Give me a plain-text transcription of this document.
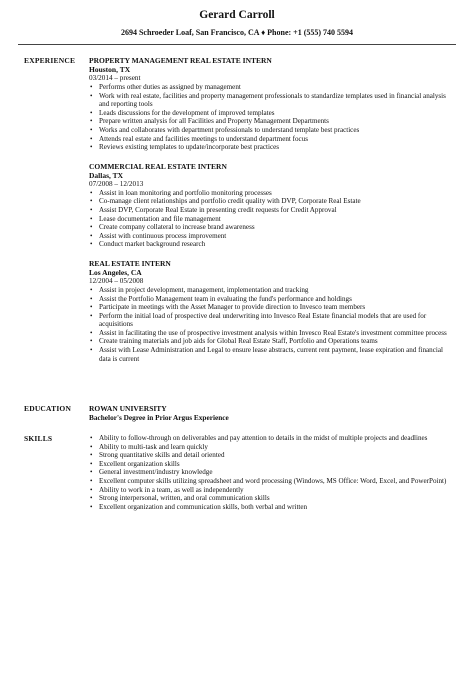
Gerard Carroll
2694 Schroeder Loaf, San Francisco, CA ♦ Phone: +1 (555) 740 5594
EXPERIENCE PROPERTY MANAGEMENT REAL ESTATE INTERN
Houston, TX
03/2014 – present
• Performs other duties as assigned by management
• Work with real estate, facilities and property management professionals to standardize templates used in financial analysis and reporting tools
• Leads discussions for the development of improved templates
• Prepare written analysis for all Facilities and Property Management Departments
• Works and collaborates with department professionals to understand template best practices
• Attends real estate and facilities meetings to understand department focus
• Reviews existing templates to update/incorporate best practices
COMMERCIAL REAL ESTATE INTERN
Dallas, TX
07/2008 – 12/2013
• Assist in loan monitoring and portfolio monitoring processes
• Co-manage client relationships and portfolio credit quality with DVP, Corporate Real Estate
• Assist DVP, Corporate Real Estate in presenting credit requests for Credit Approval
• Lease documentation and file management
• Create company collateral to increase brand awareness
• Assist with continuous process improvement
• Conduct market background research
REAL ESTATE INTERN
Los Angeles, CA
12/2004 – 05/2008
• Assist in project development, management, implementation and tracking
• Assist the Portfolio Management team in evaluating the fund's performance and holdings
• Participate in meetings with the Asset Manager to provide direction to Invesco team members
• Perform the initial load of prospective deal underwriting into Invesco Real Estate financial models that are used for acquisitions
• Assist in facilitating the use of prospective investment analysis within Invesco Real Estate's investment committee process
• Create training materials and job aids for Global Real Estate Staff, Portfolio and Operations teams
• Assist with Lease Administration and Legal to ensure lease abstracts, current rent payment, lease expiration and financial data is current
EDUCATION ROWAN UNIVERSITY
Bachelor's Degree in Prior Argus Experience
SKILLS
•	Ability to follow-through on deliverables and pay attention to details in the midst of multiple projects and deadlines
• Ability to multi-task and learn quickly
• Strong quantitative skills and detail oriented
• Excellent organization skills
• General investment/industry knowledge
• Excellent computer skills utilizing spreadsheet and word processing (Windows, MS Office: Word, Excel, and PowerPoint)
• Ability to work in a team, as well as independently
• Strong interpersonal, written, and oral communication skills
• Excellent organization and communication skills, both verbal and written
